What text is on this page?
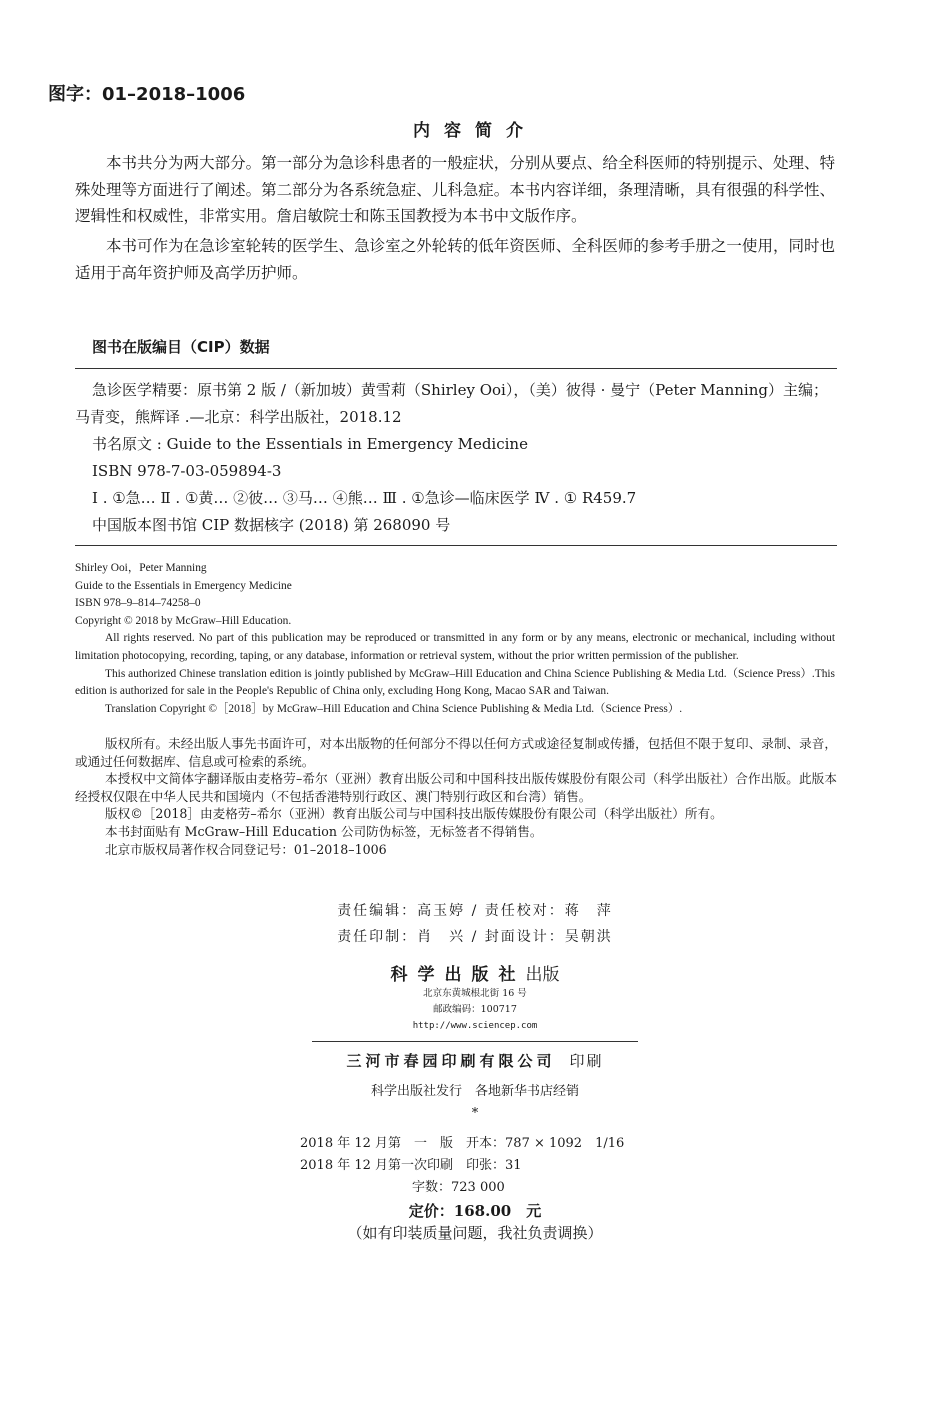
图字：01–2018–1006
内容简介
本书共分为两大部分。第一部分为急诊科患者的一般症状，分别从要点、给全科医师的特别提示、处理、特殊处理等方面进行了阐述。第二部分为各系统急症、儿科急症。本书内容详细，条理清晰，具有很强的科学性、逻辑性和权威性，非常实用。詹启敏院士和陈玉国教授为本书中文版作序。
本书可作为在急诊室轮转的医学生、急诊室之外轮转的低年资医师、全科医师的参考手册之一使用，同时也适用于高年资护师及高学历护师。
图书在版编目（CIP）数据
急诊医学精要：原书第 2 版 /（新加坡）黄雪莉（Shirley Ooi），（美）彼得 · 曼宁（Peter Manning）主编；
马青变，熊辉译 .—北京：科学出版社，2018.12
书名原文 : Guide to the Essentials in Emergency Medicine
ISBN 978-7-03-059894-3
Ⅰ . ①急… Ⅱ . ①黄… ②彼… ③马… ④熊… Ⅲ . ①急诊—临床医学 Ⅳ . ① R459.7
中国版本图书馆 CIP 数据核字 (2018) 第 268090 号

Shirley Ooi，Peter Manning

Guide to the Essentials in Emergency Medicine

ISBN 978–9–814–74258–0

Copyright © 2018 by McGraw–Hill Education.

All rights reserved. No part of this publication may be reproduced or transmitted in any form or by any means, electronic or mechanical, including without limitation photocopying, recording, taping, or any database, information or retrieval system, without the prior written permission of the publisher.

This authorized Chinese translation edition is jointly published by McGraw–Hill Education and China Science Publishing & Media Ltd.（Science Press）.This edition is authorized for sale in the People's Republic of China only, excluding Hong Kong, Macao SAR and Taiwan.

Translation Copyright ©［2018］by McGraw–Hill Education and China Science Publishing & Media Ltd.（Science Press）.

版权所有。未经出版人事先书面许可，对本出版物的任何部分不得以任何方式或途径复制或传播，包括但不限于复印、录制、录音，或通过任何数据库、信息或可检索的系统。

本授权中文简体字翻译版由麦格劳–希尔（亚洲）教育出版公司和中国科技出版传媒股份有限公司（科学出版社）合作出版。此版本经授权仅限在中华人民共和国境内（不包括香港特别行政区、澳门特别行政区和台湾）销售。

版权©［2018］由麦格劳–希尔（亚洲）教育出版公司与中国科技出版传媒股份有限公司（科学出版社）所有。

本书封面贴有 McGraw–Hill Education 公司防伪标签，无标签者不得销售。

北京市版权局著作权合同登记号：01–2018–1006

责任编辑：高玉婷 / 责任校对：蒋　萍
责任印制：肖　兴 / 封面设计：吴朝洪
科学出版社出版
北京东黄城根北街 16 号
邮政编码：100717
http://www.sciencep.com
三河市春园印刷有限公司 印刷
科学出版社发行　各地新华书店经销
*
2018 年 12 月第　一　版　开本：787 × 1092　1/16
2018 年 12 月第一次印刷　印张：31
字数：723 000
定价：168.00　元
（如有印装质量问题，我社负责调换）
